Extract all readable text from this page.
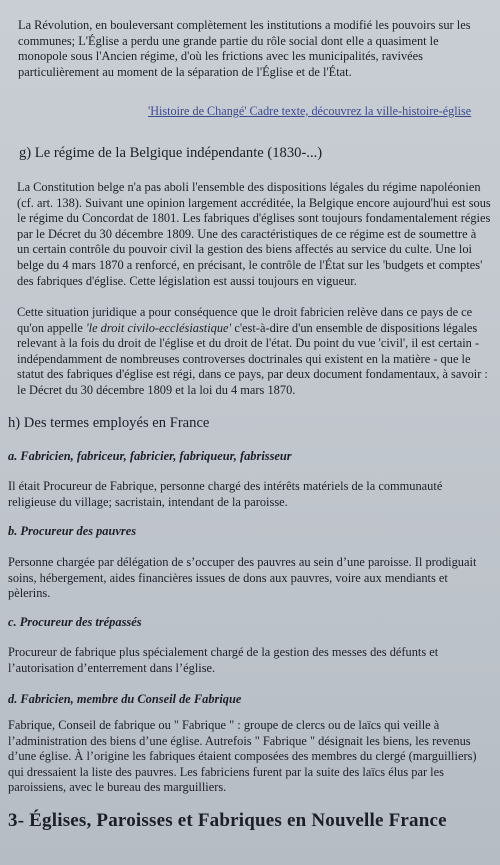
La Révolution, en bouleversant complètement les institutions a modifié les pouvoirs sur les communes; L'Église a perdu une grande partie du rôle social dont elle a quasiment le monopole sous l'Ancien régime, d'où les frictions avec les municipalités, ravivées particulièrement au moment de la séparation de l'Église et de l'État.

'Histoire de Changé' Cadre texte, découvrez la ville-histoire-église

g) Le régime de la Belgique indépendante (1830-...)

La Constitution belge n'a pas aboli l'ensemble des dispositions légales du régime napoléonien (cf. art. 138). Suivant une opinion largement accréditée, la Belgique encore aujourd'hui est sous le régime du Concordat de 1801. Les fabriques d'églises sont toujours fondamentalement régies par le Décret du 30 décembre 1809. Une des caractéristiques de ce régime est de soumettre à un certain contrôle du pouvoir civil la gestion des biens affectés au service du culte. Une loi belge du 4 mars 1870 a renforcé, en précisant, le contrôle de l'État sur les 'budgets et comptes' des fabriques d'église. Cette législation est aussi toujours en vigueur.

Cette situation juridique a pour conséquence que le droit fabricien relève dans ce pays de ce qu'on appelle 'le droit civilo-ecclésiastique' c'est-à-dire d'un ensemble de dispositions légales relevant à la fois du droit de l'église et du droit de l'état. Du point du vue 'civil', il est certain - indépendamment de nombreuses controverses doctrinales qui existent en la matière - que le statut des fabriques d'église est régi, dans ce pays, par deux document fondamentaux, à savoir : le Décret du 30 décembre 1809 et la loi du 4 mars 1870.

h) Des termes employés en France

a. Fabricien, fabriceur, fabricier, fabriqueur, fabrisseur

Il était Procureur de Fabrique, personne chargé des intérêts matériels de la communauté religieuse du village; sacristain, intendant de la paroisse.

b. Procureur des pauvres

Personne chargée par délégation de s’occuper des pauvres au sein d’une paroisse. Il prodiguait soins, hébergement, aides financières issues de dons aux pauvres, voire aux mendiants et pèlerins.

c. Procureur des trépassés

Procureur de fabrique plus spécialement chargé de la gestion des messes des défunts et l’autorisation d’enterrement dans l’église.

d. Fabricien, membre du Conseil de Fabrique

Fabrique, Conseil de fabrique ou " Fabrique " : groupe de clercs ou de laïcs qui veille à l’administration des biens d’une église. Autrefois " Fabrique " désignait les biens, les revenus d’une église. À l’origine les fabriques étaient composées des membres du clergé (marguilliers) qui dressaient la liste des pauvres. Les fabriciens furent par la suite des laïcs élus par les paroissiens, avec le bureau des marguilliers.

3- Églises, Paroisses et Fabriques en Nouvelle France
